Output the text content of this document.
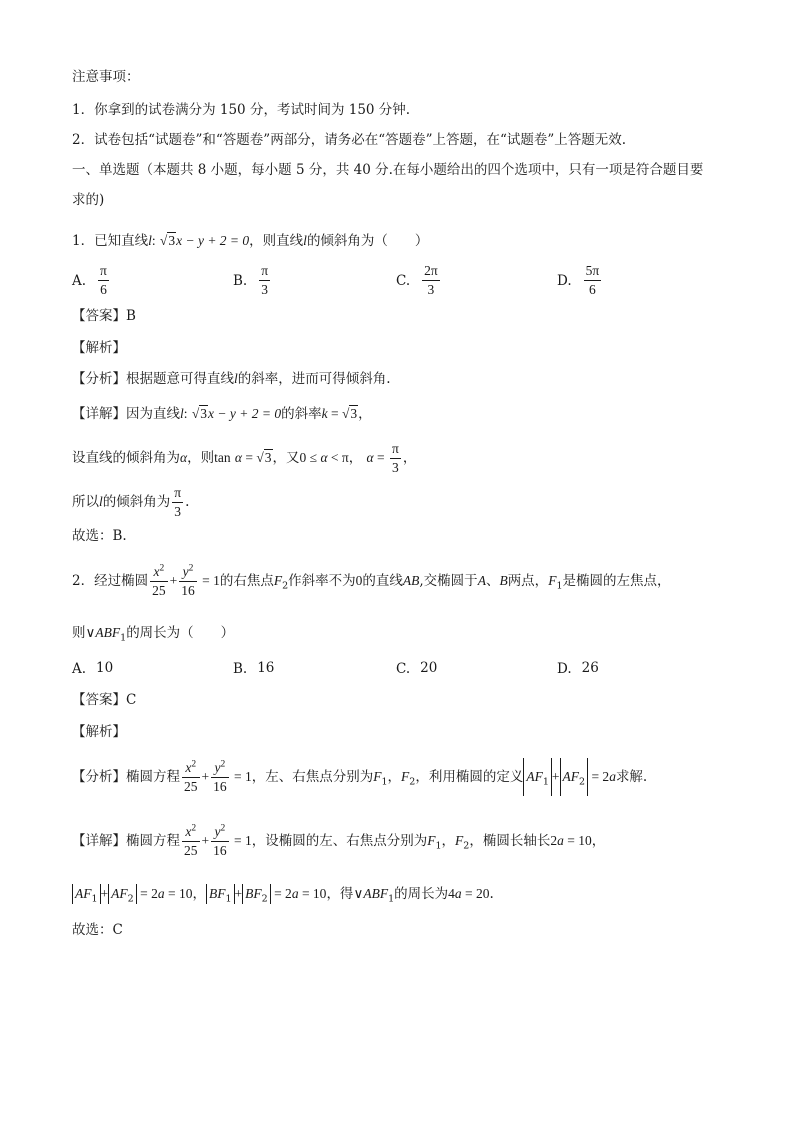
注意事项：
1．你拿到的试卷满分为 150 分，考试时间为 150 分钟.
2．试卷包括“试题卷”和“答题卷”两部分，请务必在“答题卷”上答题，在“试题卷”上答题无效.
一、单选题（本题共 8 小题，每小题 5 分，共 40 分.在每小题给出的四个选项中，只有一项是符合题目要
求的)
1．已知直线l: √3x − y + 2 = 0，则直线l的倾斜角为（　　）
A. $\frac{\pi}{6}$	B. $\frac{\pi}{3}$	C. $\frac{2\pi}{3}$	D. $\frac{5\pi}{6}$
【答案】B
【解析】
【分析】根据题意可得直线l的斜率，进而可得倾斜角.
【详解】因为直线l: √3x − y + 2 = 0的斜率k = √3，
设直线的倾斜角为α，则tan α = √3，又0 ≤ α < π， $\alpha = \frac{\pi}{3}$ ，
所以l的倾斜角为 $\frac{\pi}{3}$ .
故选：B.
2．经过椭圆 $\frac{x^2}{25} + \frac{y^2}{16} = 1$的右焦点$F_2$作斜率不为0的直线AB,交椭圆于A、B两点，$F_1$是椭圆的左焦点，
则$\vee ABF_1$的周长为（　　）
A. 10	B. 16	C. 20	D. 26
【答案】C
【解析】
【分析】椭圆方程 $\frac{x^2}{25} + \frac{y^2}{16} = 1$，左、右焦点分别为$F_1$，$F_2$，利用椭圆的定义 $AF_1 + AF_2 = 2a$求解.
【详解】椭圆方程 $\frac{x^2}{25} + \frac{y^2}{16} = 1$，设椭圆的左、右焦点分别为$F_1$，$F_2$，椭圆长轴长2a = 10，
$AF_1 + AF_2 = 2a = 10$， $BF_1 + BF_2 = 2a = 10$，得$\vee ABF_1$的周长为4a = 20.
故选：C
